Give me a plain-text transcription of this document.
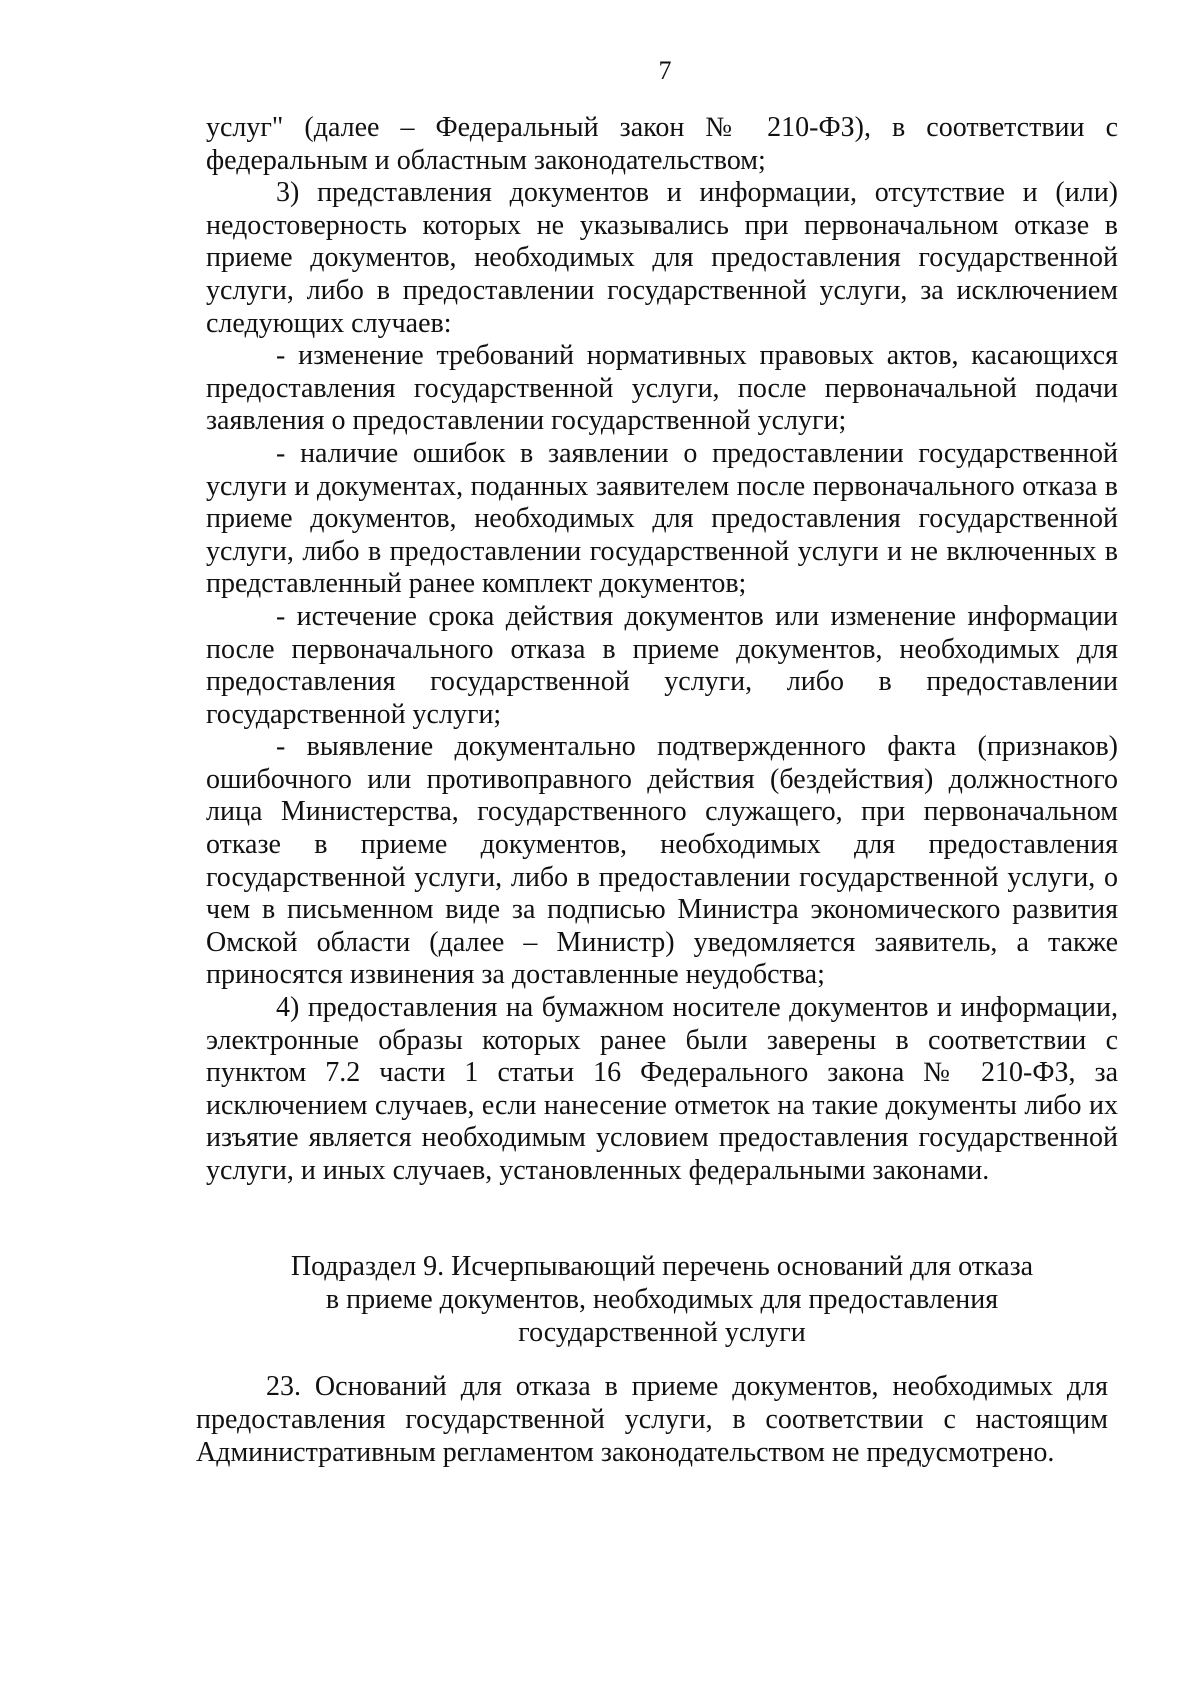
7

услуг" (далее – Федеральный закон № 210-ФЗ), в соответствии с федеральным и областным законодательством;

3) представления документов и информации, отсутствие и (или) недостоверность которых не указывались при первоначальном отказе в приеме документов, необходимых для предоставления государственной услуги, либо в предоставлении государственной услуги, за исключением следующих случаев:

- изменение требований нормативных правовых актов, касающихся предоставления государственной услуги, после первоначальной подачи заявления о предоставлении государственной услуги;

- наличие ошибок в заявлении о предоставлении государственной услуги и документах, поданных заявителем после первоначального отказа в приеме документов, необходимых для предоставления государственной услуги, либо в предоставлении государственной услуги и не включенных в представленный ранее комплект документов;

- истечение срока действия документов или изменение информации после первоначального отказа в приеме документов, необходимых для предоставления государственной услуги, либо в предоставлении государственной услуги;

- выявление документально подтвержденного факта (признаков) ошибочного или противоправного действия (бездействия) должностного лица Министерства, государственного служащего, при первоначальном отказе в приеме документов, необходимых для предоставления государственной услуги, либо в предоставлении государственной услуги, о чем в письменном виде за подписью Министра экономического развития Омской области (далее – Министр) уведомляется заявитель, а также приносятся извинения за доставленные неудобства;

4) предоставления на бумажном носителе документов и информации, электронные образы которых ранее были заверены в соответствии с пунктом 7.2 части 1 статьи 16 Федерального закона № 210-ФЗ, за исключением случаев, если нанесение отметок на такие документы либо их изъятие является необходимым условием предоставления государственной услуги, и иных случаев, установленных федеральными законами.

Подраздел 9. Исчерпывающий перечень оснований для отказа
в приеме документов, необходимых для предоставления
государственной услуги

23. Оснований для отказа в приеме документов, необходимых для предоставления государственной услуги, в соответствии с настоящим Административным регламентом законодательством не предусмотрено.
